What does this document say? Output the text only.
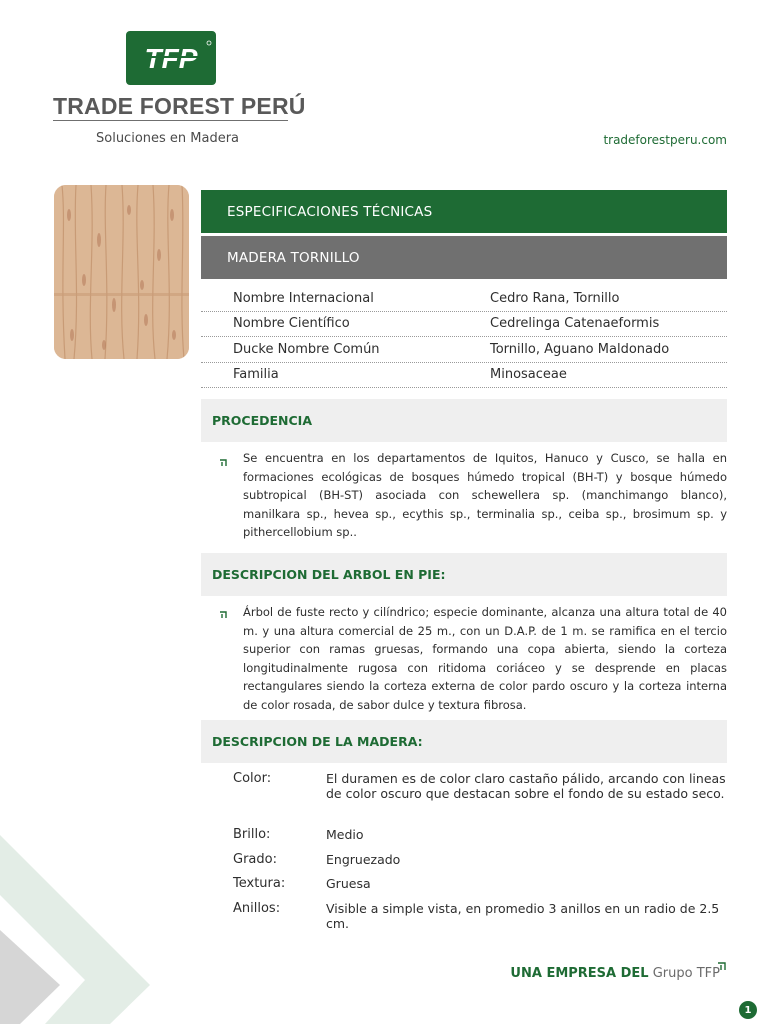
TFP
TRADE FOREST PERÚ
Soluciones en Madera	tradeforestperu.com
ESPECIFICACIONES TÉCNICAS
MADERA TORNILLO
Nombre Internacional	Cedro Rana, Tornillo
Nombre Científico	Cedrelinga Catenaeformis
Ducke Nombre Común	Tornillo, Aguano Maldonado
Familia	Minosaceae
PROCEDENCIA
Se encuentra en los departamentos de Iquitos, Hanuco y Cusco, se halla en formaciones ecológicas de bosques húmedo tropical (BH-T) y bosque húmedo subtropical (BH-ST) asociada con schewellera sp. (manchimango blanco), manilkara sp., hevea sp., ecythis sp., terminalia sp., ceiba sp., brosimum sp. y pithercellobium sp..
DESCRIPCION DEL ARBOL EN PIE:
Árbol de fuste recto y cilíndrico; especie dominante, alcanza una altura total de 40 m. y una altura comercial de 25 m., con un D.A.P. de 1 m. se ramifica en el tercio superior con ramas gruesas, formando una copa abierta, siendo la corteza longitudinalmente rugosa con ritidoma coriáceo y se desprende en placas rectangulares siendo la corteza externa de color pardo oscuro y la corteza interna de color rosada, de sabor dulce y textura fibrosa.
DESCRIPCION DE LA MADERA:
Color:	El duramen es de color claro castaño pálido, arcando con lineas de color oscuro que destacan sobre el fondo de su estado seco.
Brillo:	Medio
Grado:	Engruezado
Textura:	Gruesa
Anillos:	Visible a simple vista, en promedio 3 anillos en un radio de 2.5 cm.
UNA EMPRESA DEL Grupo TFP
1
